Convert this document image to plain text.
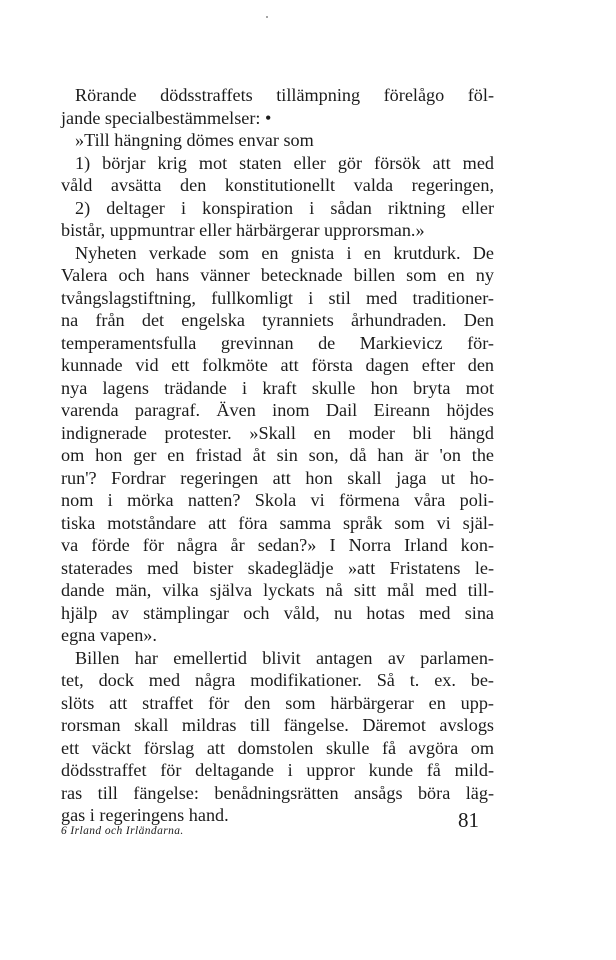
Rörande dödsstraffets tillämpning förelågo föl-
jande specialbestämmelser: •
»Till hängning dömes envar som
1) börjar krig mot staten eller gör försök att med
våld avsätta den konstitutionellt valda regeringen,
2) deltager i konspiration i sådan riktning eller
bistår, uppmuntrar eller härbärgerar upprorsman.»
Nyheten verkade som en gnista i en krutdurk. De
Valera och hans vänner betecknade billen som en ny
tvångslagstiftning, fullkomligt i stil med traditioner-
na från det engelska tyranniets århundraden. Den
temperamentsfulla grevinnan de Markievicz för-
kunnade vid ett folkmöte att första dagen efter den
nya lagens trädande i kraft skulle hon bryta mot
varenda paragraf. Även inom Dail Eireann höjdes
indignerade protester. »Skall en moder bli hängd
om hon ger en fristad åt sin son, då han är 'on the
run'? Fordrar regeringen att hon skall jaga ut ho-
nom i mörka natten? Skola vi förmena våra poli-
tiska motståndare att föra samma språk som vi själ-
va förde för några år sedan?» I Norra Irland kon-
staterades med bister skadeglädje »att Fristatens le-
dande män, vilka själva lyckats nå sitt mål med till-
hjälp av stämplingar och våld, nu hotas med sina
egna vapen».
Billen har emellertid blivit antagen av parlamen-
tet, dock med några modifikationer. Så t. ex. be-
slöts att straffet för den som härbärgerar en upp-
rorsman skall mildras till fängelse. Däremot avslogs
ett väckt förslag att domstolen skulle få avgöra om
dödsstraffet för deltagande i uppror kunde få mild-
ras till fängelse: benådningsrätten ansågs böra läg-
gas i regeringens hand.	81
6 Irland och Irländarna.
